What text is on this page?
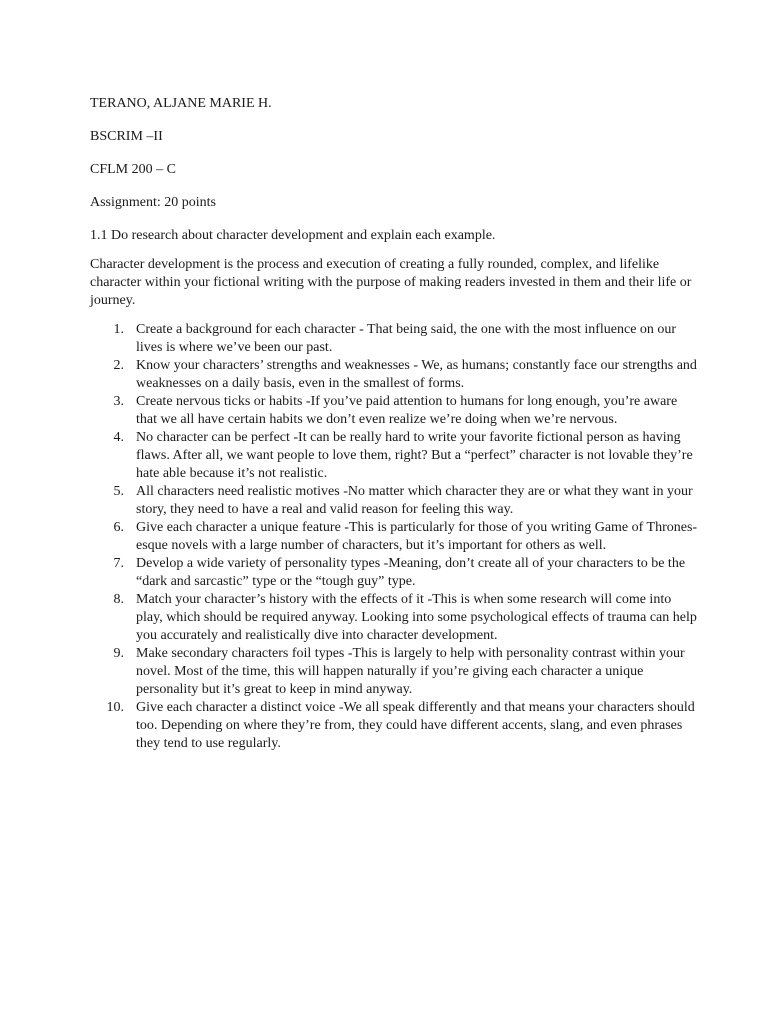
TERANO, ALJANE MARIE H.

BSCRIM –II

CFLM 200 – C

Assignment: 20 points

1.1 Do research about character development and explain each example.

Character development is the process and execution of creating a fully rounded, complex, and lifelike character within your fictional writing with the purpose of making readers invested in them and their life or journey.

1. Create a background for each character - That being said, the one with the most influence on our lives is where we’ve been our past.
2. Know your characters’ strengths and weaknesses - We, as humans; constantly face our strengths and weaknesses on a daily basis, even in the smallest of forms.
3. Create nervous ticks or habits -If you’ve paid attention to humans for long enough, you’re aware that we all have certain habits we don’t even realize we’re doing when we’re nervous.
4. No character can be perfect -It can be really hard to write your favorite fictional person as having flaws. After all, we want people to love them, right? But a “perfect” character is not lovable they’re hate able because it’s not realistic.
5. All characters need realistic motives -No matter which character they are or what they want in your story, they need to have a real and valid reason for feeling this way.
6. Give each character a unique feature -This is particularly for those of you writing Game of Thrones-esque novels with a large number of characters, but it’s important for others as well.
7. Develop a wide variety of personality types -Meaning, don’t create all of your characters to be the “dark and sarcastic” type or the “tough guy” type.
8. Match your character’s history with the effects of it -This is when some research will come into play, which should be required anyway. Looking into some psychological effects of trauma can help you accurately and realistically dive into character development.
9. Make secondary characters foil types -This is largely to help with personality contrast within your novel. Most of the time, this will happen naturally if you’re giving each character a unique personality but it’s great to keep in mind anyway.
10. Give each character a distinct voice -We all speak differently and that means your characters should too. Depending on where they’re from, they could have different accents, slang, and even phrases they tend to use regularly.
